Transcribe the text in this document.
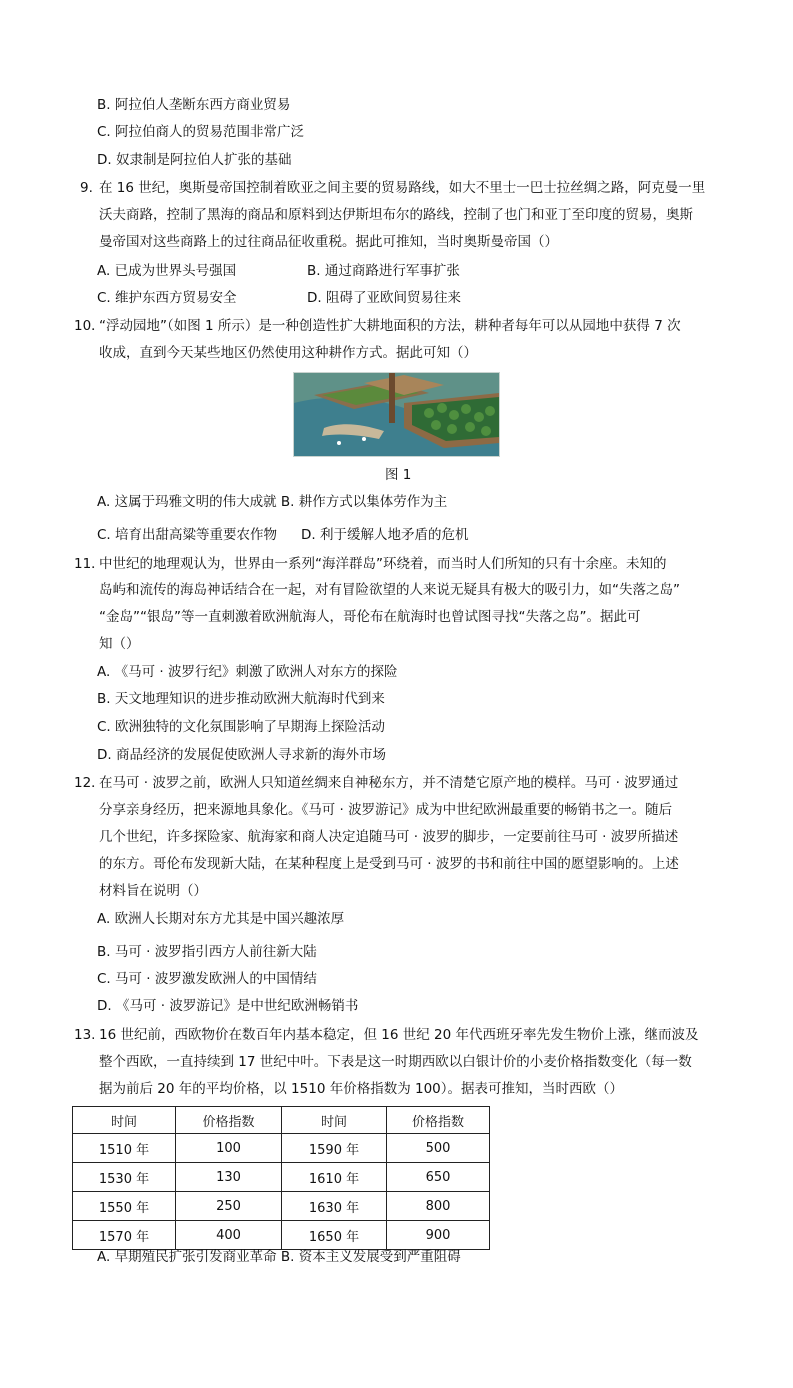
B. 阿拉伯人垄断东西方商业贸易
C. 阿拉伯商人的贸易范围非常广泛
D. 奴隶制是阿拉伯人扩张的基础
9. 在 16 世纪，奥斯曼帝国控制着欧亚之间主要的贸易路线，如大不里士一巴士拉丝绸之路，阿克曼一里
沃夫商路，控制了黑海的商品和原料到达伊斯坦布尔的路线，控制了也门和亚丁至印度的贸易，奥斯
曼帝国对这些商路上的过往商品征收重税。据此可推知，当时奥斯曼帝国（）
A. 已成为世界头号强国	B. 通过商路进行军事扩张
C. 维护东西方贸易安全	D. 阻碍了亚欧间贸易往来
10．
“浮动园地”（如图 1 所示）是一种创造性扩大耕地面积的方法，耕种者每年可以从园地中获得 7 次
收成，直到今天某些地区仍然使用这种耕作方式。据此可知（）
图 1
A. 这属于玛雅文明的伟大成就 B. 耕作方式以集体劳作为主
C. 培育出甜高粱等重要农作物 D. 利于缓解人地矛盾的危机
11．
中世纪的地理观认为，世界由一系列“海洋群岛”环绕着，而当时人们所知的只有十余座。未知的
岛屿和流传的海岛神话结合在一起，对有冒险欲望的人来说无疑具有极大的吸引力，如“失落之岛”
“金岛”“银岛”等一直刺激着欧洲航海人，哥伦布在航海时也曾试图寻找“失落之岛”。据此可
知（）
A. 《马可 · 波罗行纪》刺激了欧洲人对东方的探险
B. 天文地理知识的进步推动欧洲大航海时代到来
C. 欧洲独特的文化氛围影响了早期海上探险活动
D. 商品经济的发展促使欧洲人寻求新的海外市场
12．
在马可 · 波罗之前，欧洲人只知道丝绸来自神秘东方，并不清楚它原产地的模样。马可 · 波罗通过
分享亲身经历，把来源地具象化。《马可 · 波罗游记》成为中世纪欧洲最重要的畅销书之一。随后
几个世纪，许多探险家、航海家和商人决定追随马可 · 波罗的脚步，一定要前往马可 · 波罗所描述
的东方。哥伦布发现新大陆，在某种程度上是受到马可 · 波罗的书和前往中国的愿望影响的。上述
材料旨在说明（）
A. 欧洲人长期对东方尤其是中国兴趣浓厚
B. 马可 · 波罗指引西方人前往新大陆
C. 马可 · 波罗激发欧洲人的中国情结
D. 《马可 · 波罗游记》是中世纪欧洲畅销书
13. 16 世纪前，西欧物价在数百年内基本稳定，但 16 世纪 20 年代西班牙率先发生物价上涨，继而波及
整个西欧，一直持续到 17 世纪中叶。下表是这一时期西欧以白银计价的小麦价格指数变化（每一数
据为前后 20 年的平均价格，以 1510 年价格指数为 100）。据表可推知，当时西欧（）
时间	价格指数	时间	价格指数
1510 年	100	1590 年	500
1530 年	130	1610 年	650
1550 年	250	1630 年	800
1570 年	400	1650 年	900
A. 早期殖民扩张引发商业革命 B. 资本主义发展受到严重阻碍
